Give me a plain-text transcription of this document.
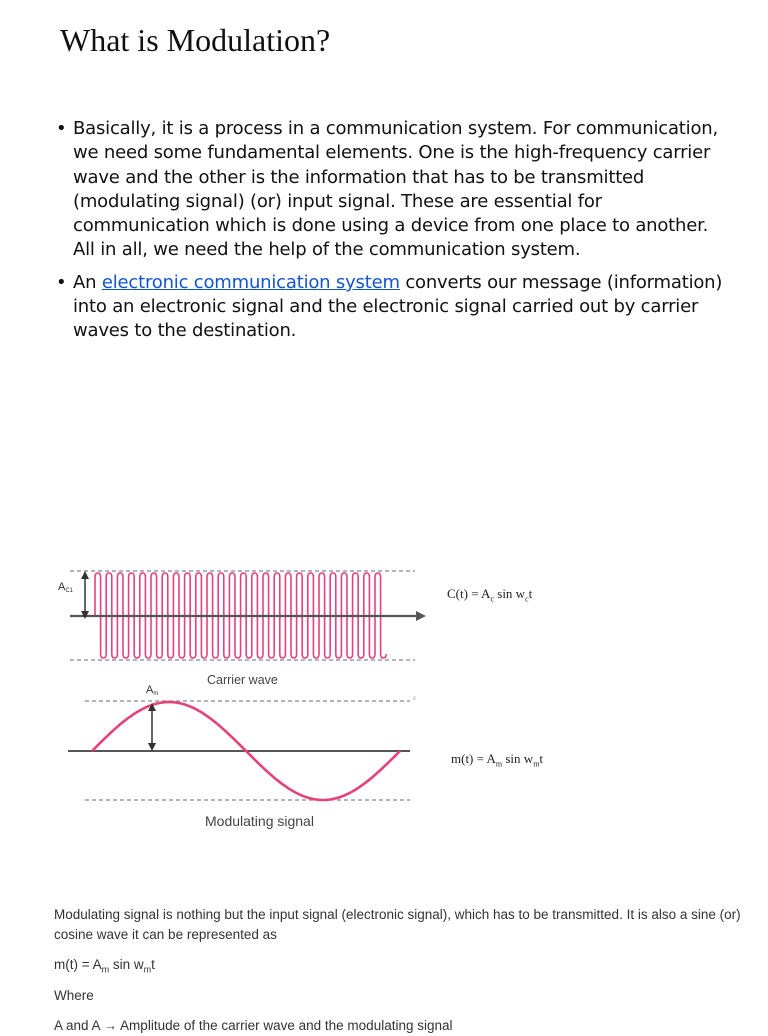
What is Modulation?
• Basically, it is a process in a communication system. For communication, we need some fundamental elements. One is the high-frequency carrier wave and the other is the information that has to be transmitted (modulating signal) (or) input signal. These are essential for communication which is done using a device from one place to another. All in all, we need the help of the communication system.
• An electronic communication system converts our message (information) into an electronic signal and the electronic signal carried out by carrier waves to the destination.
AC1
Carrier wave
Am
c
Modulating signal
$C(t) = A_c$ $\sin w_ct$
$m(t) = A_m$ $\sin w_mt$

Modulating signal is nothing but the input signal (electronic signal), which has to be transmitted. It is also a sine (or) cosine wave it can be represented as

$m(t) = A_m$ $\sin w_mt$

Where

A and A → Amplitude of the carrier wave and the modulating signal
